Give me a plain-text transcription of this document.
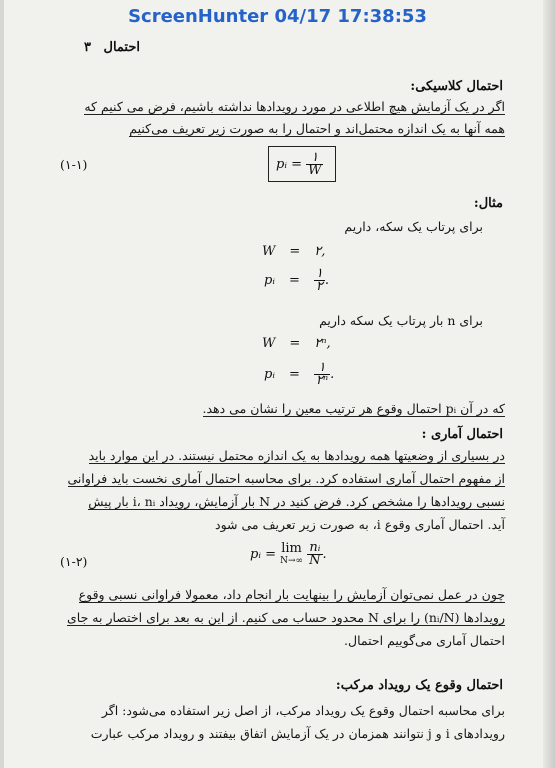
ScreenHunter 04/17 17:38:53
احتمال ۳
احتمال کلاسیکی:
اگر در یک آزمایش هیچ اطلاعی در مورد رویدادها نداشته باشیم، فرض می کنیم که
همه آنها به یک اندازه محتمل‌اند و احتمال را به صورت زیر تعریف می‌کنیم
pᵢ = $\frac{۱}{W}$
(۱-۱)
مثال:
برای پرتاب یک سکه، داریم
W = ۲,
pᵢ = $\frac{۱}{۲}$ .
برای n بار پرتاب یک سکه داریم
W = ۲ⁿ,
pᵢ = $\frac{۱}{\text{۲ⁿ}}$ .
که در آن pᵢ احتمال وقوع هر ترتیب معین را نشان می دهد.
احتمال آماری :
در بسیاری از وضعیتها همه رویدادها به یک اندازه محتمل نیستند. در این موارد باید
از مفهوم احتمال آماری استفاده کرد. برای محاسبه احتمال آماری نخست باید فراوانی
نسبی رویدادها را مشخص کرد. فرض کنید در N بار آزمایش، رویداد i، nᵢ بار پیش
آید. احتمال آماری وقوع i، به صورت زیر تعریف می شود
pᵢ = lim
N→∞
$\frac{\text{nᵢ}}{N}$ .
(۱-۲)
چون در عمل نمی‌توان آزمایش را بینهایت بار انجام داد، معمولا فراوانی نسبی وقوع
رویدادها (nᵢ/N) را برای N محدود حساب می کنیم. از این به بعد برای اختصار به جای
احتمال آماری می‌گوییم احتمال.
احتمال وقوع یک رویداد مرکب:
برای محاسبه احتمال وقوع یک رویداد مرکب، از اصل زیر استفاده می‌شود: اگر
رویدادهای i و j نتوانند همزمان در یک آزمایش اتفاق بیفتند و رویداد مرکب عبارت
